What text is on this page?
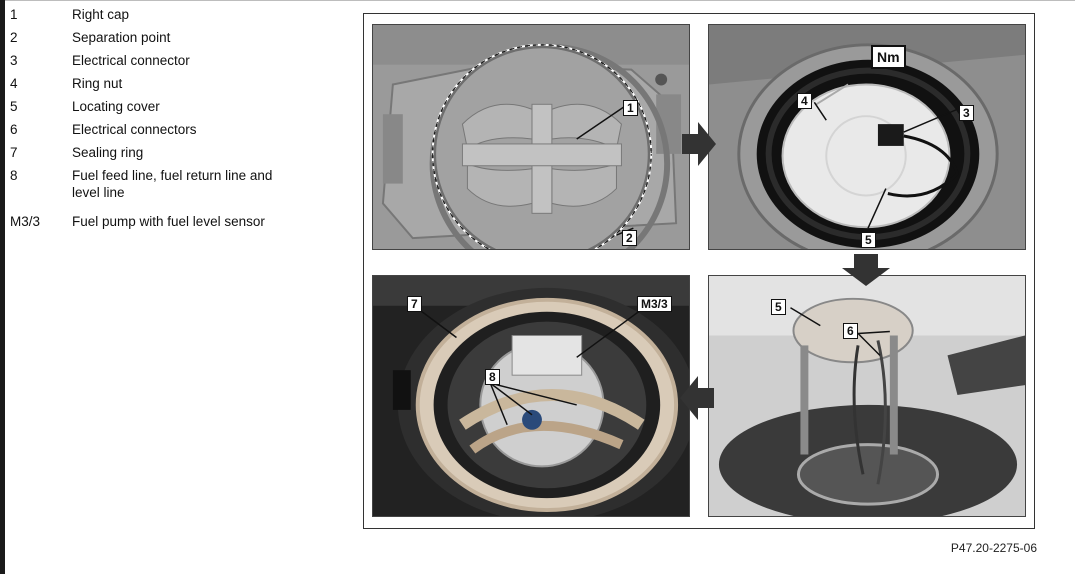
1	Right cap
2	Separation point
3	Electrical connector
4	Ring nut
5	Locating cover
6	Electrical connectors
7	Sealing ring
8	Fuel feed line, fuel return line and level line
M3/3	Fuel pump with fuel level sensor
1
2
Nm
4
3
5
7	M3/3
8
5
6
P47.20-2275-06
